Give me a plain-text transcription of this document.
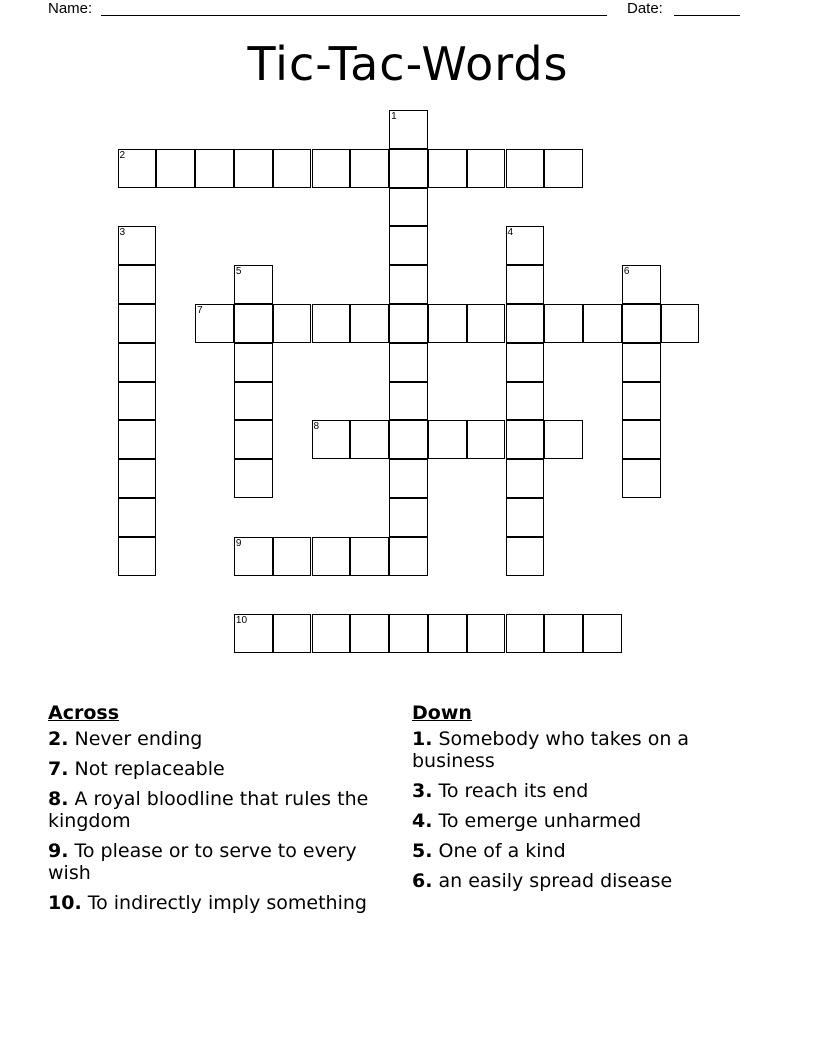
Name:	Date:
Tic-Tac-Words
1
2
3	4
5	6
7
8
9
10
Across
2. Never ending
7. Not replaceable
8. A royal bloodline that rules the kingdom
9. To please or to serve to every wish
10. To indirectly imply something
Down
1. Somebody who takes on a business
3. To reach its end
4. To emerge unharmed
5. One of a kind
6. an easily spread disease
